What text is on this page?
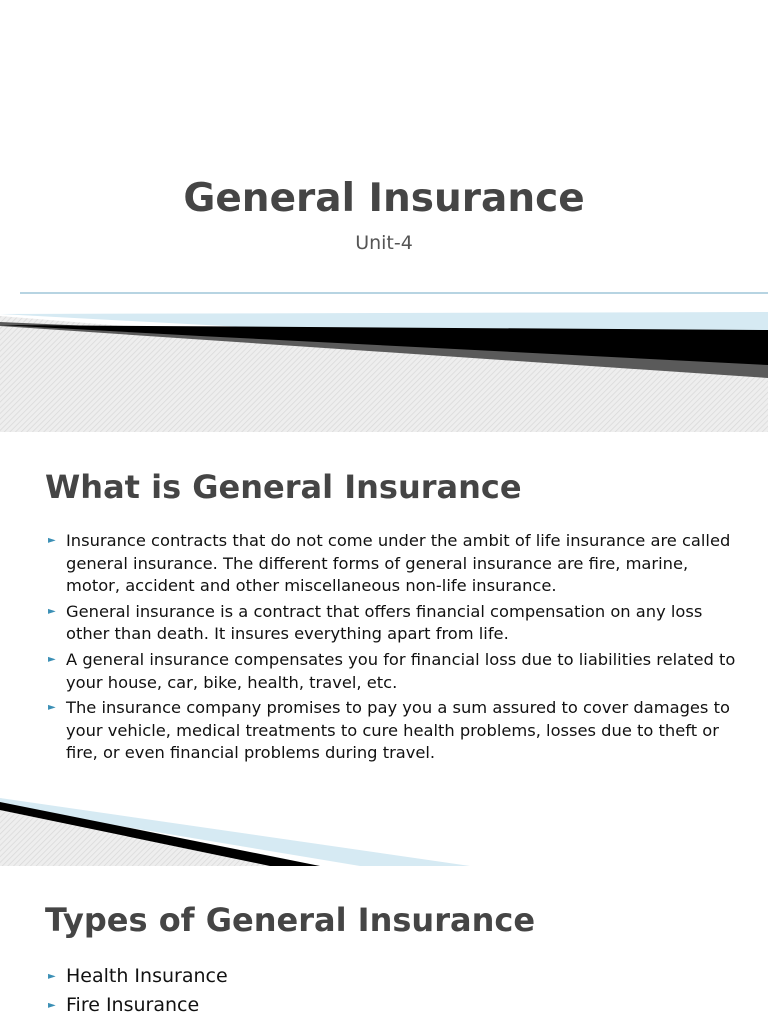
General Insurance

Unit-4

What is General Insurance
► Insurance contracts that do not come under the ambit of life insurance are called general insurance. The different forms of general insurance are fire, marine, motor, accident and other miscellaneous non-life insurance.
► General insurance is a contract that offers financial compensation on any loss other than death. It insures everything apart from life.
► A general insurance compensates you for financial loss due to liabilities related to your house, car, bike, health, travel, etc.
► The insurance company promises to pay you a sum assured to cover damages to your vehicle, medical treatments to cure health problems, losses due to theft or fire, or even financial problems during travel.
Types of General Insurance
► Health Insurance
► Fire Insurance
